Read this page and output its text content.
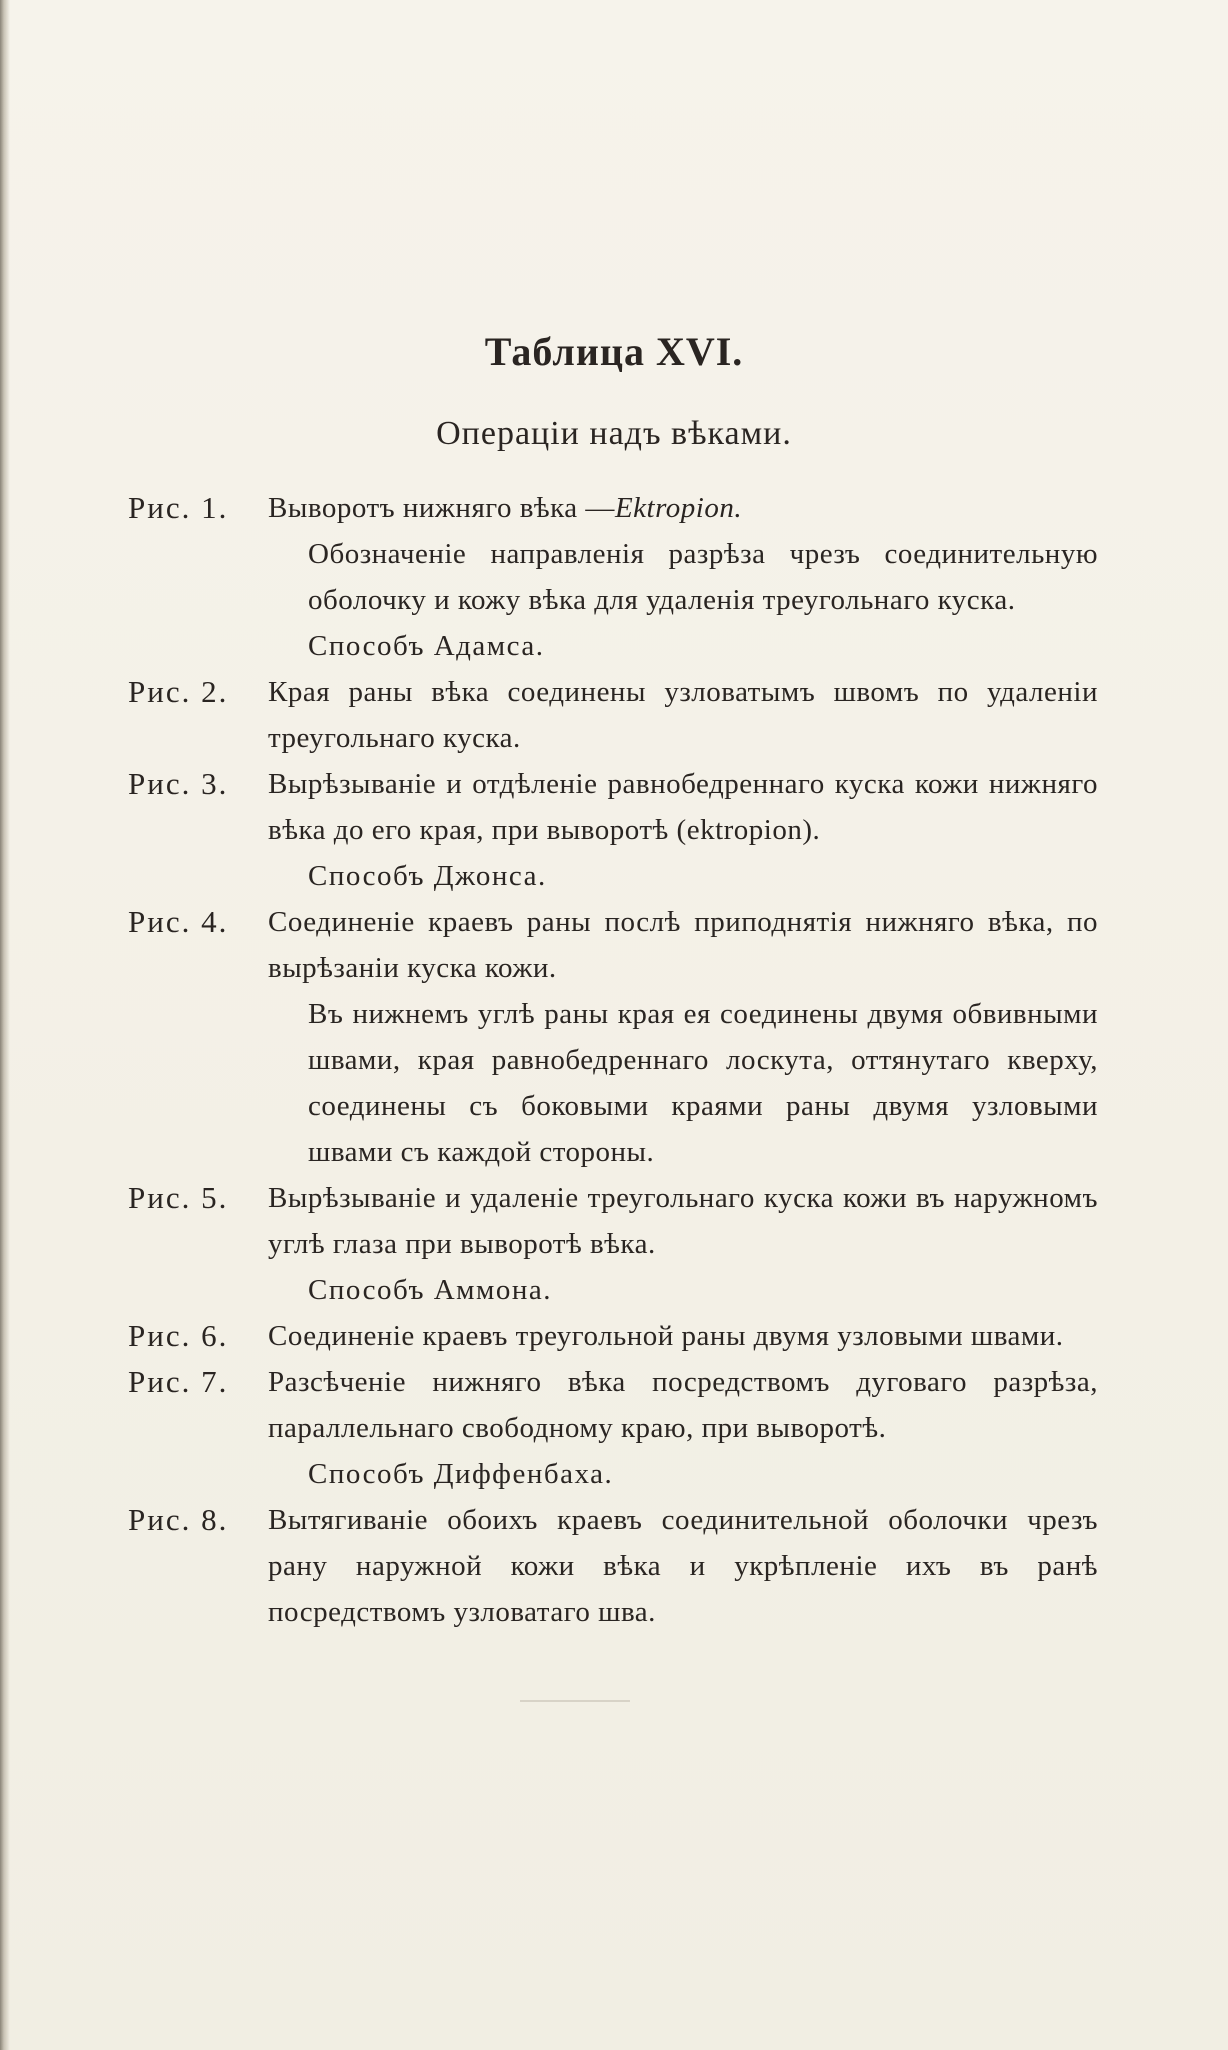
Таблица XVI.
Операціи надъ вѣками.
Рис. 1.	Выворотъ нижняго вѣка —Ektropion.
Обозначеніе направленія разрѣза чрезъ соединительную оболочку и кожу вѣка для удаленія треугольнаго куска.
Способъ Адамса.
Рис. 2.	Края раны вѣка соединены узловатымъ швомъ по удаленіи треугольнаго куска.
Рис. 3.	Вырѣзываніе и отдѣленіе равнобедреннаго куска кожи нижняго вѣка до его края, при выворотѣ (ektropion).
Способъ Джонса.
Рис. 4.	Соединеніе краевъ раны послѣ приподнятія нижняго вѣка, по вырѣзаніи куска кожи.
Въ нижнемъ углѣ раны края ея соединены двумя обвивными швами, края равнобедреннаго лоскута, оттянутаго кверху, соединены съ боковыми краями раны двумя узловыми швами съ каждой стороны.
Рис. 5.	Вырѣзываніе и удаленіе треугольнаго куска кожи въ наружномъ углѣ глаза при выворотѣ вѣка.
Способъ Аммона.
Рис. 6.	Соединеніе краевъ треугольной раны двумя узловыми швами.
Рис. 7.	Разсѣченіе нижняго вѣка посредствомъ дуговаго разрѣза, параллельнаго свободному краю, при выворотѣ.
Способъ Диффенбаха.
Рис. 8.	Вытягиваніе обоихъ краевъ соединительной оболочки чрезъ рану наружной кожи вѣка и укрѣпленіе ихъ въ ранѣ посредствомъ узловатаго шва.
